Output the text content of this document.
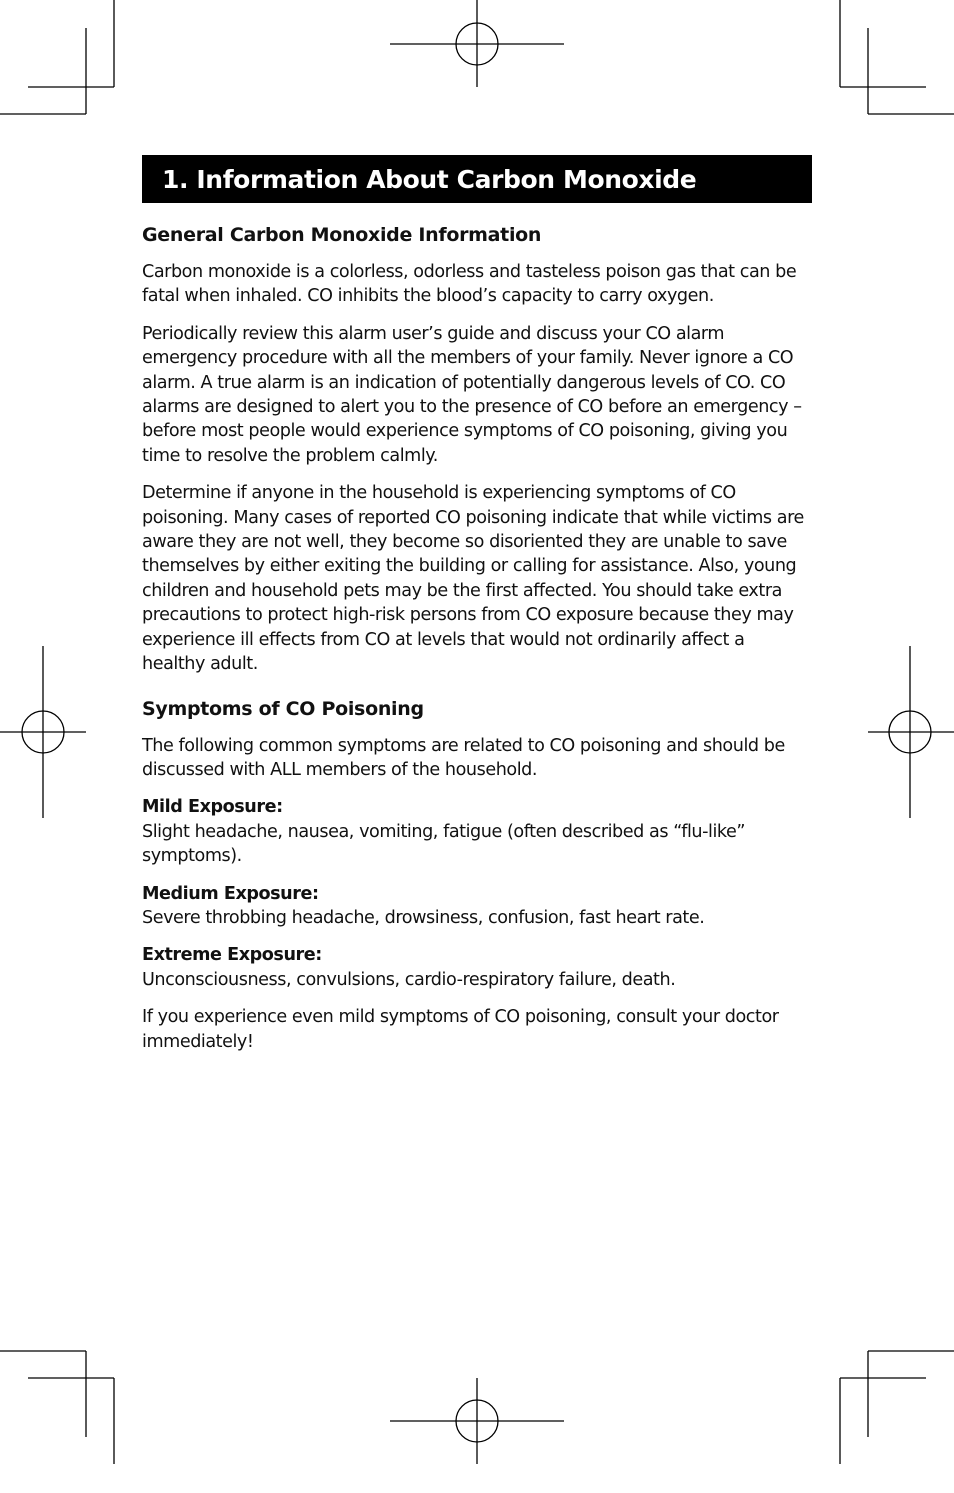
1. Information About Carbon Monoxide
General Carbon Monoxide Information

Carbon monoxide is a colorless, odorless and tasteless poison gas that can be fatal when inhaled. CO inhibits the blood’s capacity to carry oxygen.

Periodically review this alarm user’s guide and discuss your CO alarm emergency procedure with all the members of your family. Never ignore a CO alarm. A true alarm is an indication of potentially dangerous levels of CO. CO alarms are designed to alert you to the presence of CO before an emergency – before most people would experience symptoms of CO poisoning, giving you time to resolve the problem calmly.

Determine if anyone in the household is experiencing symptoms of CO poisoning. Many cases of reported CO poisoning indicate that while victims are aware they are not well, they become so disoriented they are unable to save themselves by either exiting the building or calling for assistance. Also, young children and household pets may be the first affected. You should take extra precautions to protect high-risk persons from CO exposure because they may experience ill effects from CO at levels that would not ordinarily affect a healthy adult.

Symptoms of CO Poisoning

The following common symptoms are related to CO poisoning and should be discussed with ALL members of the household.

Mild Exposure:

Slight headache, nausea, vomiting, fatigue (often described as “flu-like” symptoms).

Medium Exposure:

Severe throbbing headache, drowsiness, confusion, fast heart rate.

Extreme Exposure:

Unconsciousness, convulsions, cardio-respiratory failure, death.

If you experience even mild symptoms of CO poisoning, consult your doctor immediately!
